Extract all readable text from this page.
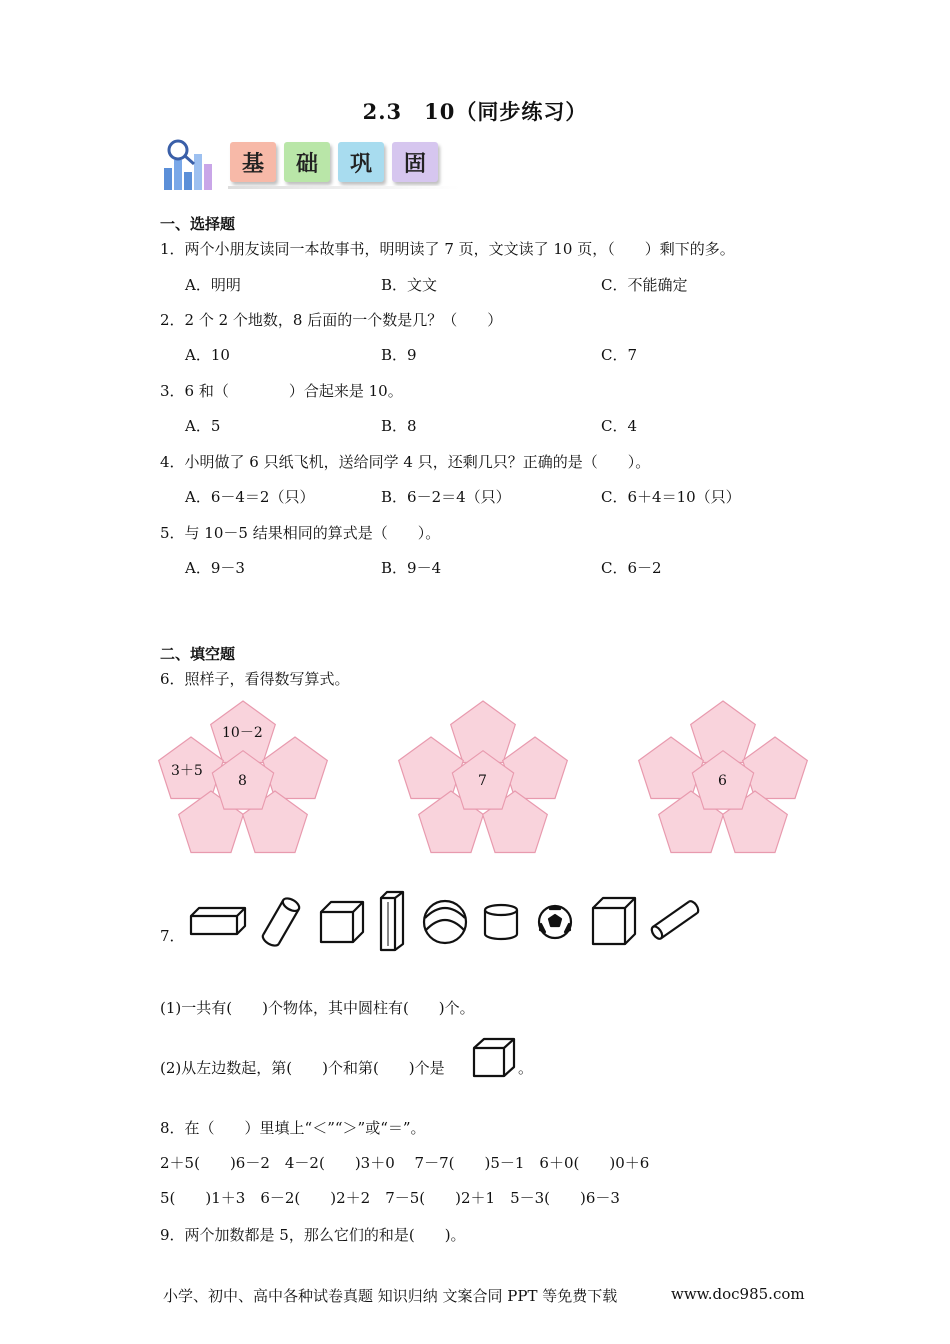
2.3　10（同步练习）
基	础	巩	固
一、选择题
1．两个小朋友读同一本故事书，明明读了 7 页，文文读了 10 页，（　　）剩下的多。
A．明明	B．文文	C．不能确定
2．2 个 2 个地数，8 后面的一个数是几？（　　）
A．10	B．9	C．7
3．6 和（　　　　）合起来是 10。
A．5	B．8	C．4
4．小明做了 6 只纸飞机，送给同学 4 只，还剩几只？正确的是（　　）。
A．6－4＝2（只）	B．6－2＝4（只）	C．6＋4＝10（只）
5．与 10－5 结果相同的算式是（　　）。
A．9－3	B．9－4	C．6－2
二、填空题
6．照样子，看得数写算式。
10－2
3＋5
8	7	6
7．
(1)一共有(　　)个物体，其中圆柱有(　　)个。
(2)从左边数起，第(　　)个和第(　　)个是	。
8．在（　　）里填上“＜”“＞”或“＝”。
2＋5(　　)6－2　4－2(　　)3＋0　 7－7(　　)5－1　6＋0(　　)0＋6
5(　　)1＋3　6－2(　　)2＋2　7－5(　　)2＋1　5－3(　　)6－3
9．两个加数都是 5，那么它们的和是(　　)。
小学、初中、高中各种试卷真题 知识归纳 文案合同 PPT 等免费下载	www.doc985.com
